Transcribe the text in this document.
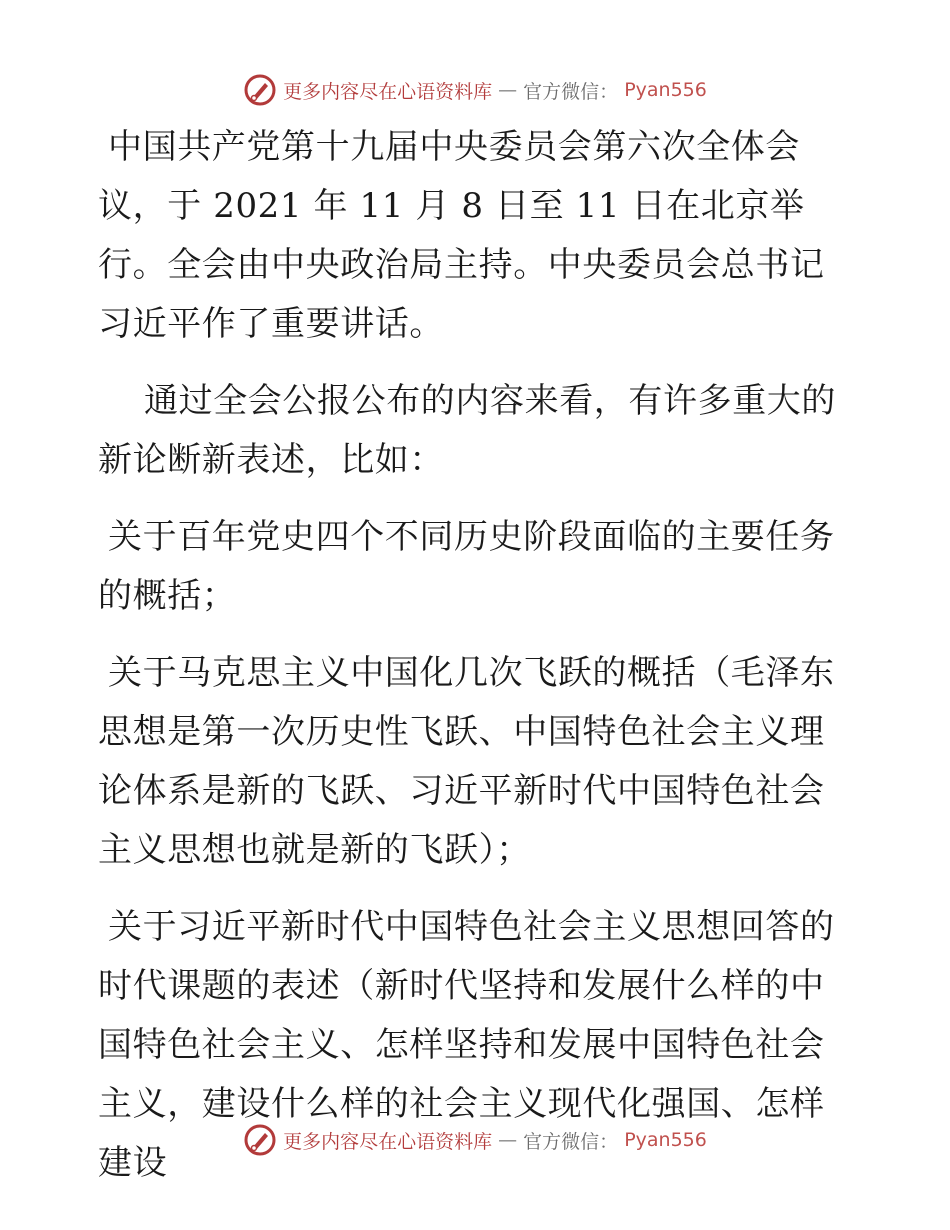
更多内容尽在心语资料库 — 官方微信： Pyan556

中国共产党第十九届中央委员会第六次全体会议，于 2021 年 11 月 8 日至 11 日在北京举行。全会由中央政治局主持。中央委员会总书记习近平作了重要讲话。

通过全会公报公布的内容来看，有许多重大的新论断新表述，比如：

关于百年党史四个不同历史阶段面临的主要任务的概括；

关于马克思主义中国化几次飞跃的概括（毛泽东思想是第一次历史性飞跃、中国特色社会主义理论体系是新的飞跃、习近平新时代中国特色社会主义思想也就是新的飞跃）；

关于习近平新时代中国特色社会主义思想回答的时代课题的表述（新时代坚持和发展什么样的中国特色社会主义、怎样坚持和发展中国特色社会主义，建设什么样的社会主义现代化强国、怎样建设

更多内容尽在心语资料库 — 官方微信： Pyan556
